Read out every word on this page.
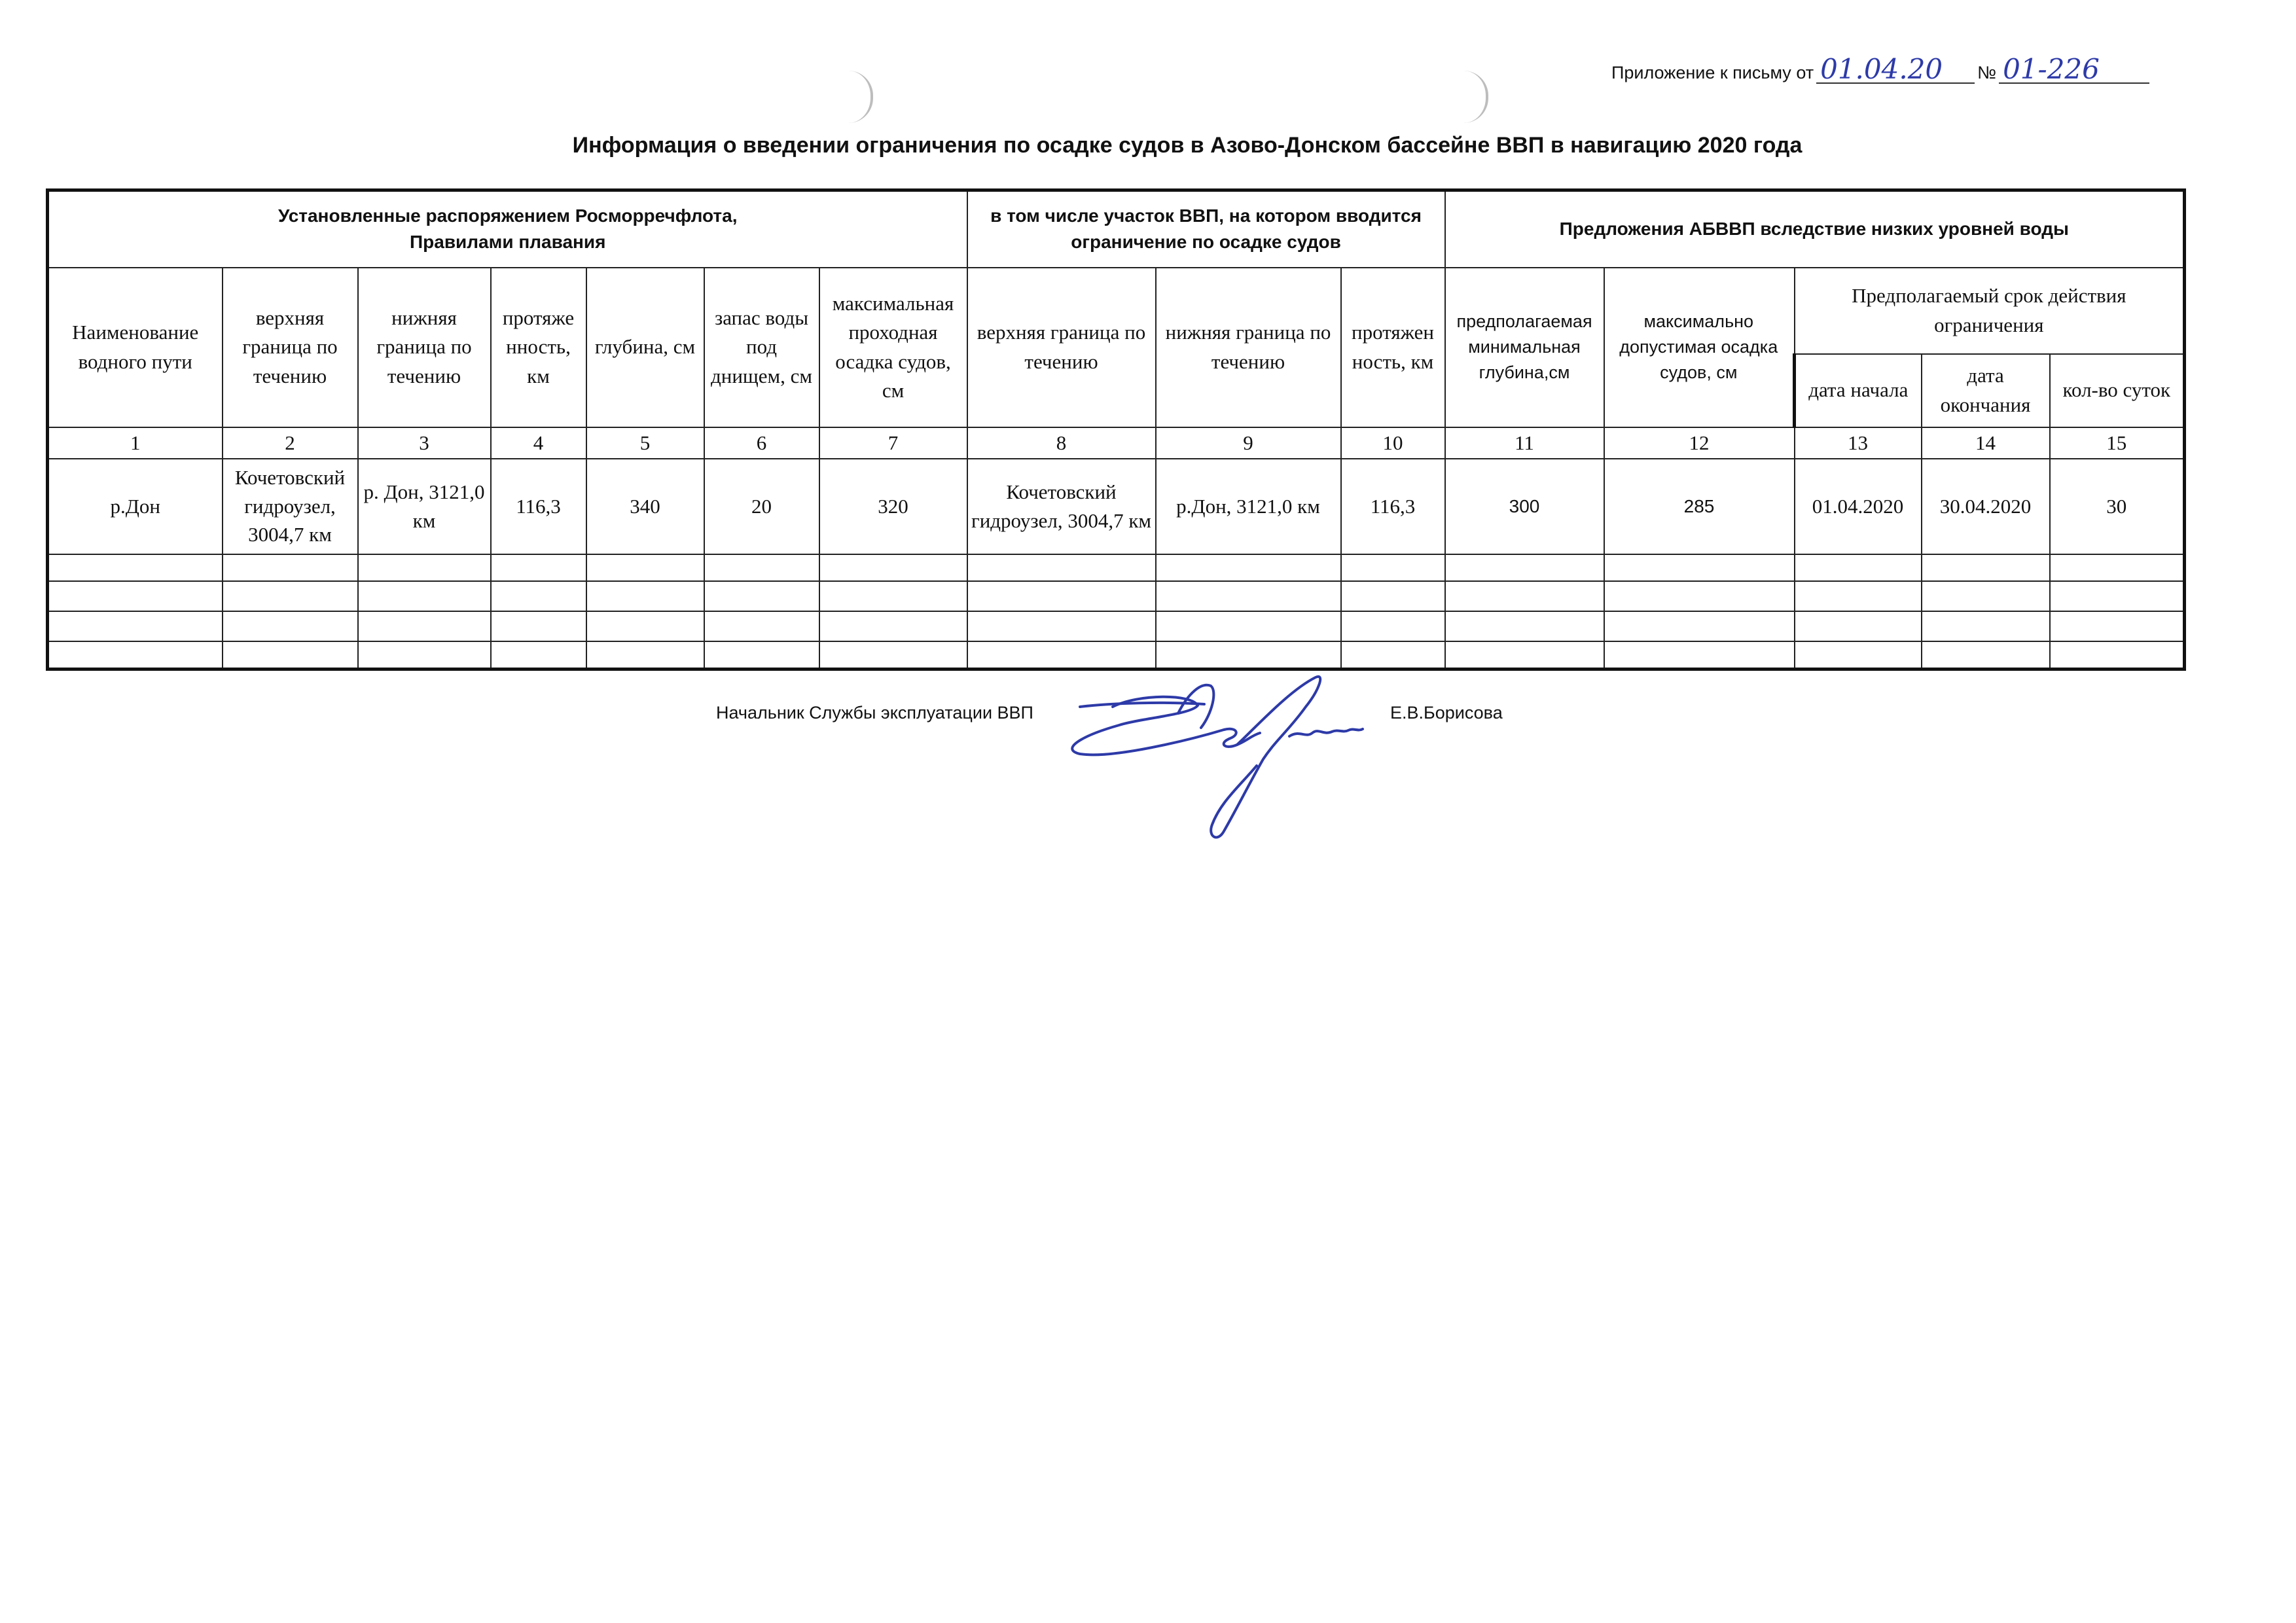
Приложение к письму от 01.04.20 № 01-226
Информация о введении ограничения по осадке судов в Азово-Донском бассейне ВВП в навигацию 2020 года
Установленные распоряжением Росморречфлота,
Правилами плавания							в том числе участок ВВП, на котором вводится ограничение по осадке судов			Предложения АБВВП вследствие низких уровней воды				
Наименование водного пути	верхняя граница по течению	нижняя граница по течению	протяже нность, км	глубина, см	запас воды под днищем, см	максимальная проходная осадка судов, см	верхняя граница по течению	нижняя граница по течению	протяжен ность, км	предполагаемая минимальная глубина,см	максимально допустимая осадка судов, см	Предполагаемый срок действия ограничения		
												дата начала	дата окончания	кол-во суток
1	2	3	4	5	6	7	8	9	10	11	12	13	14	15
р.Дон	Кочетовский гидроузел, 3004,7 км	р. Дон, 3121,0 км	116,3	340	20	320	Кочетовский гидроузел, 3004,7 км	р.Дон, 3121,0 км	116,3	300	285	01.04.2020	30.04.2020	30

Начальник Службы эксплуатации ВВП	Е.В.Борисова
